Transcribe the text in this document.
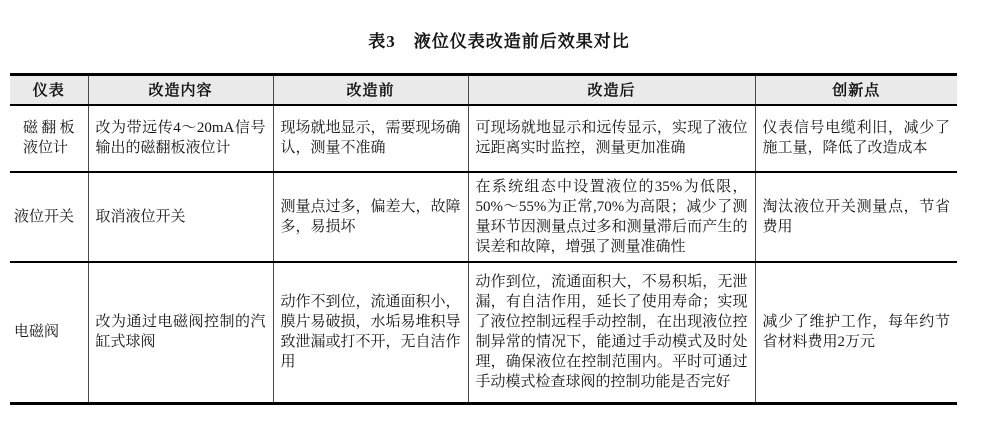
表3　液位仪表改造前后效果对比
仪表	改造内容	改造前	改造后	创新点
磁翻板液位计	改为带远传4～20mA信号输出的磁翻板液位计	现场就地显示，需要现场确认，测量不准确	可现场就地显示和远传显示，实现了液位远距离实时监控，测量更加准确	仪表信号电缆利旧，减少了施工量，降低了改造成本
液位开关	取消液位开关	测量点过多，偏差大，故障多，易损坏	在系统组态中设置液位的35%为低限，50%～55%为正常,70%为高限；减少了测量环节因测量点过多和测量滞后而产生的误差和故障，增强了测量准确性	淘汰液位开关测量点，节省费用
电磁阀	改为通过电磁阀控制的汽缸式球阀	动作不到位，流通面积小，膜片易破损，水垢易堆积导致泄漏或打不开，无自洁作用	动作到位，流通面积大，不易积垢，无泄漏，有自洁作用，延长了使用寿命；实现了液位控制远程手动控制，在出现液位控制异常的情况下，能通过手动模式及时处理，确保液位在控制范围内。平时可通过手动模式检查球阀的控制功能是否完好	减少了维护工作，每年约节省材料费用2万元
